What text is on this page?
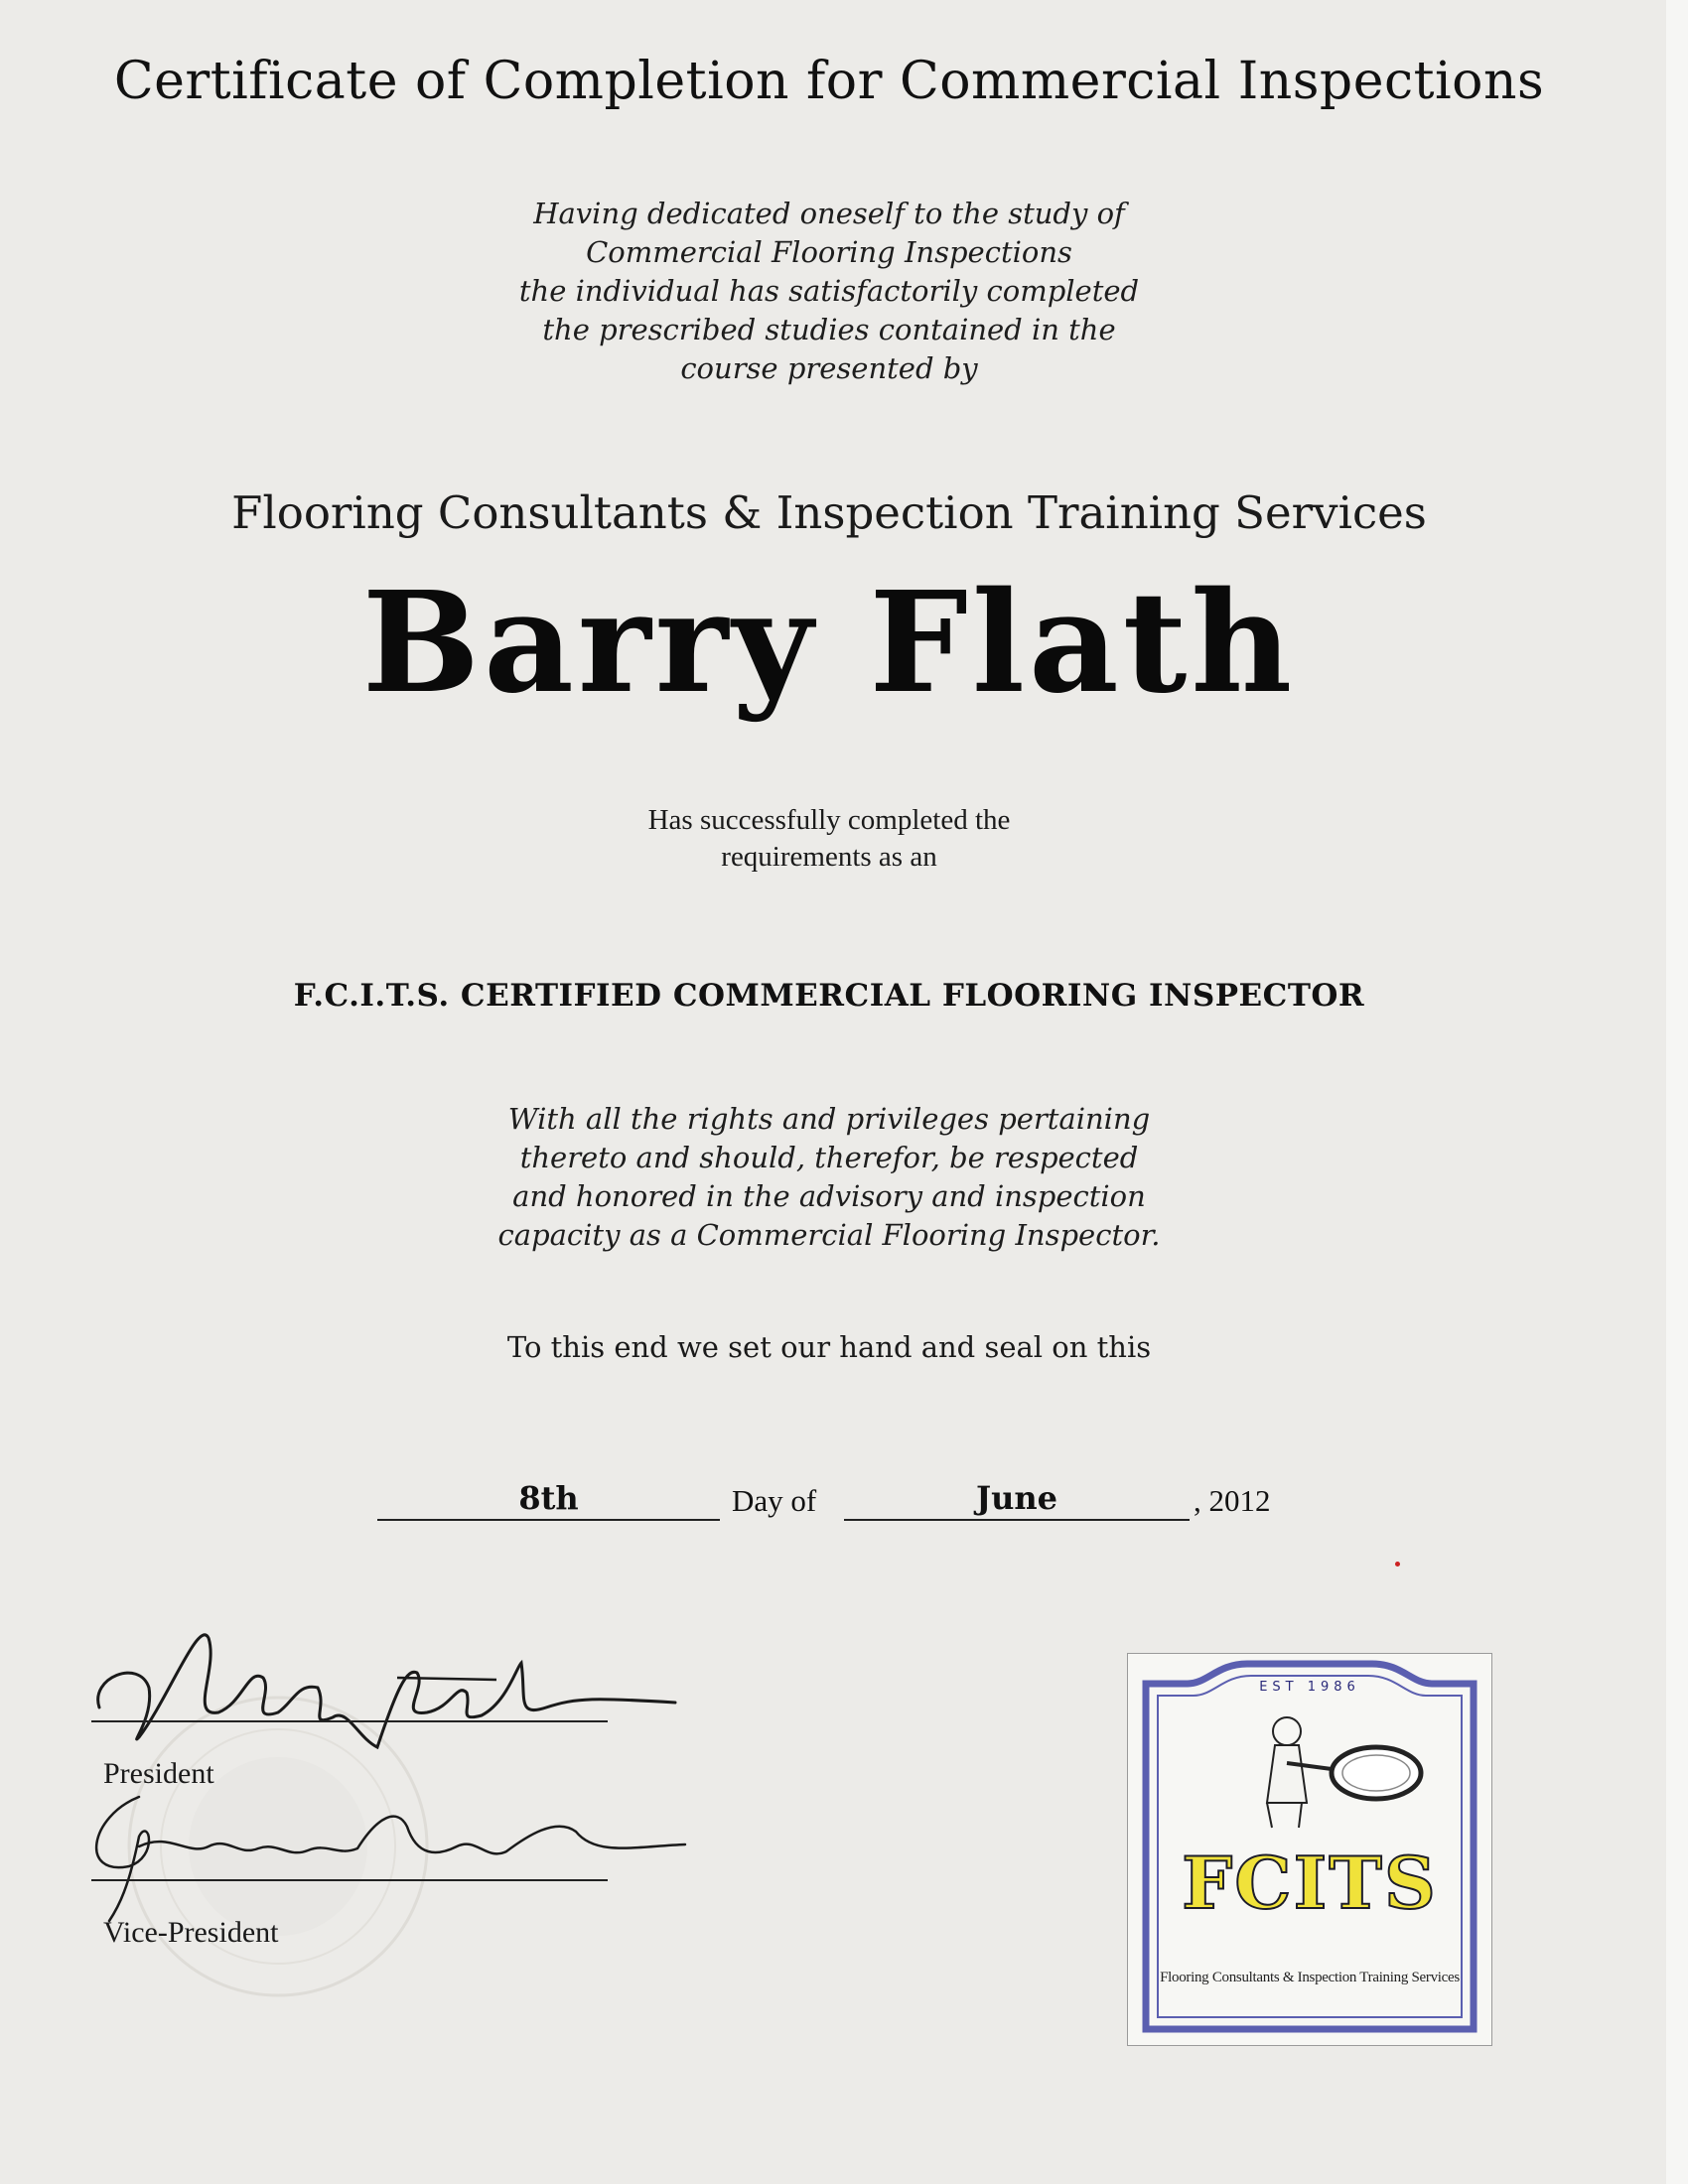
Certificate of Completion for Commercial Inspections
Having dedicated oneself to the study of
Commercial Flooring Inspections
the individual has satisfactorily completed
the prescribed studies contained in the
course presented by
Flooring Consultants & Inspection Training Services
Barry Flath
Has successfully completed the
requirements as an
F.C.I.T.S. CERTIFIED COMMERCIAL FLOORING INSPECTOR
With all the rights and privileges pertaining
thereto and should, therefor, be respected
and honored in the advisory and inspection
capacity as a Commercial Flooring Inspector.
To this end we set our hand and seal on this
8th	Day of	June	, 2012
President
Vice-President
EST 1986
FCITS
Flooring Consultants & Inspection Training Services
